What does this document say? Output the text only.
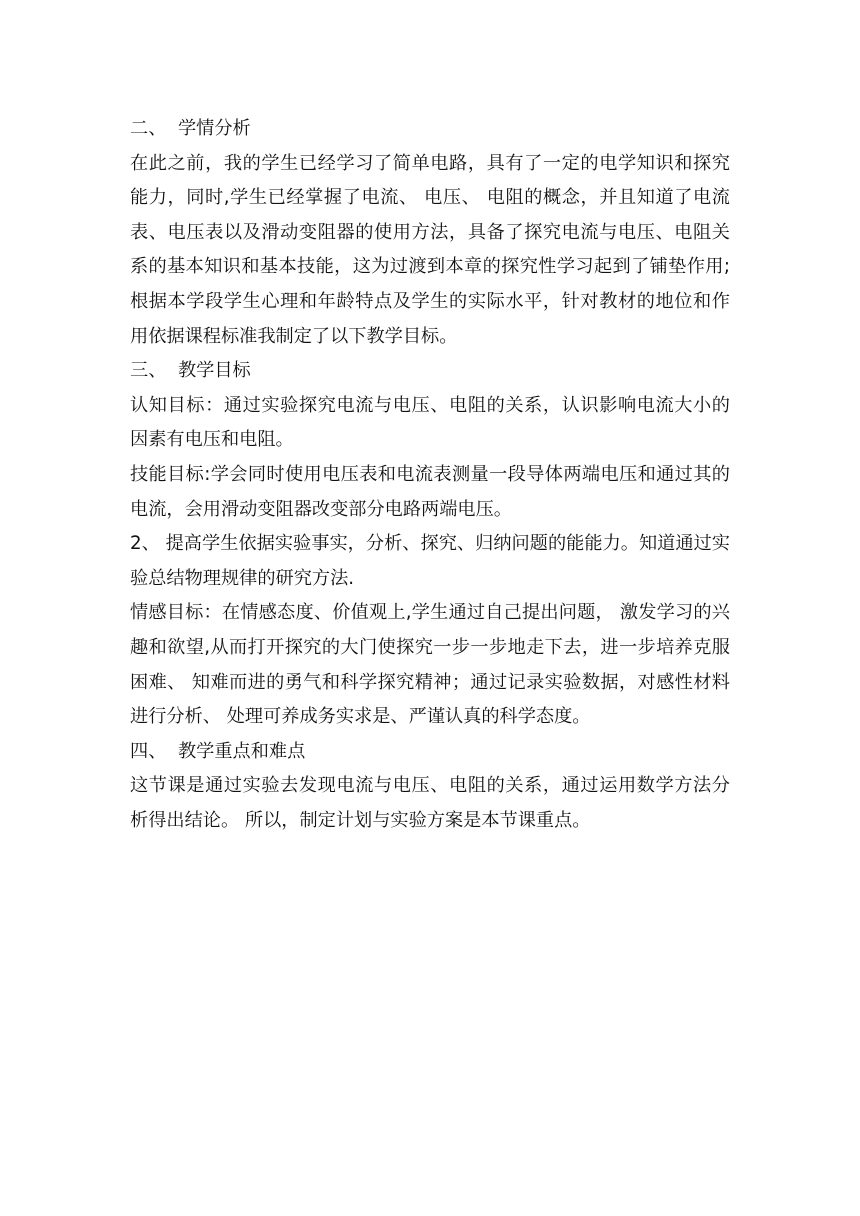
二、  学情分析

在此之前，我的学生已经学习了简单电路，具有了一定的电学知识和探究能力，同时,学生已经掌握了电流、 电压、 电阻的概念，并且知道了电流表、电压表以及滑动变阻器的使用方法，具备了探究电流与电压、电阻关系的基本知识和基本技能，这为过渡到本章的探究性学习起到了铺垫作用;根据本学段学生心理和年龄特点及学生的实际水平，针对教材的地位和作用依据课程标准我制定了以下教学目标。

三、  教学目标

认知目标：通过实验探究电流与电压、电阻的关系，认识影响电流大小的因素有电压和电阻。

技能目标:学会同时使用电压表和电流表测量一段导体两端电压和通过其的电流，会用滑动变阻器改变部分电路两端电压。

2、 提高学生依据实验事实，分析、探究、归纳问题的能能力。知道通过实验总结物理规律的研究方法.

情感目标：在情感态度、价值观上,学生通过自己提出问题， 激发学习的兴趣和欲望,从而打开探究的大门使探究一步一步地走下去，进一步培养克服困难、 知难而进的勇气和科学探究精神；通过记录实验数据，对感性材料进行分析、 处理可养成务实求是、严谨认真的科学态度。

四、  教学重点和难点

这节课是通过实验去发现电流与电压、电阻的关系，通过运用数学方法分析得出结论。 所以，制定计划与实验方案是本节课重点。
